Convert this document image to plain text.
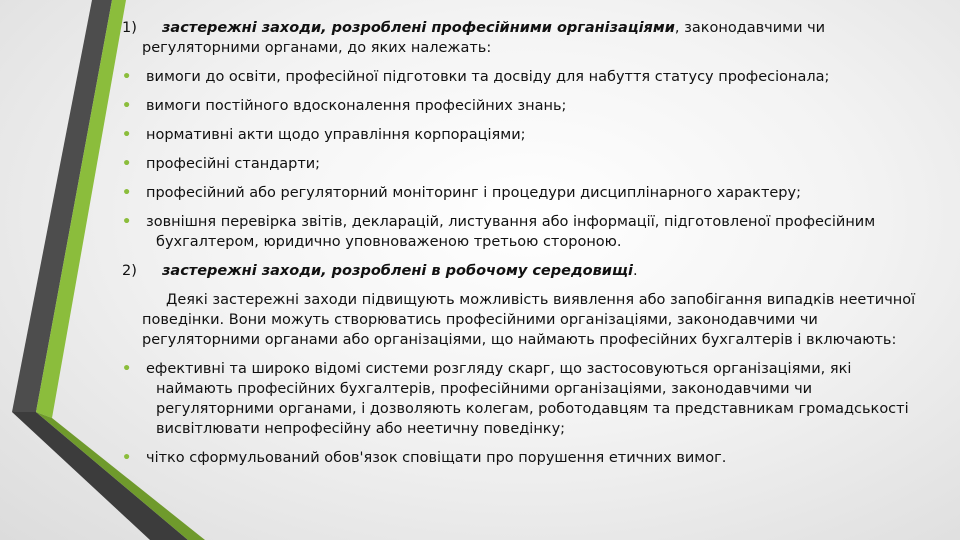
1) застережні заходи, розроблені професійними організаціями, законодавчими чи регуляторними органами, до яких належать:

• вимоги до освіти, професійної підготовки та досвіду для набуття статусу професіонала;
• вимоги постійного вдосконалення професійних знань;
• нормативні акти щодо управління корпораціями;
• професійні стандарти;
• професійний або регуляторний моніторинг і процедури дисциплінарного характеру;
• зовнішня перевірка звітів, декларацій, листування або інформації, підготовленої професійним бухгалтером, юридично уповноваженою третьою стороною.

2) застережні заходи, розроблені в робочому середовищі.

Деякі застережні заходи підвищують можливість виявлення або запобігання випадків неетичної поведінки. Вони можуть створюватись професійними організаціями, законодавчими чи регуляторними органами або організаціями, що наймають професійних бухгалтерів і включають:

• ефективні та широко відомі системи розгляду скарг, що застосовуються організаціями, які наймають професійних бухгалтерів, професійними організаціями, законодавчими чи регуляторними органами, і дозволяють колегам, роботодавцям та представникам громадськості висвітлювати непрофесійну або неетичну поведінку;
• чітко сформульований обов'язок сповіщати про порушення етичних вимог.
